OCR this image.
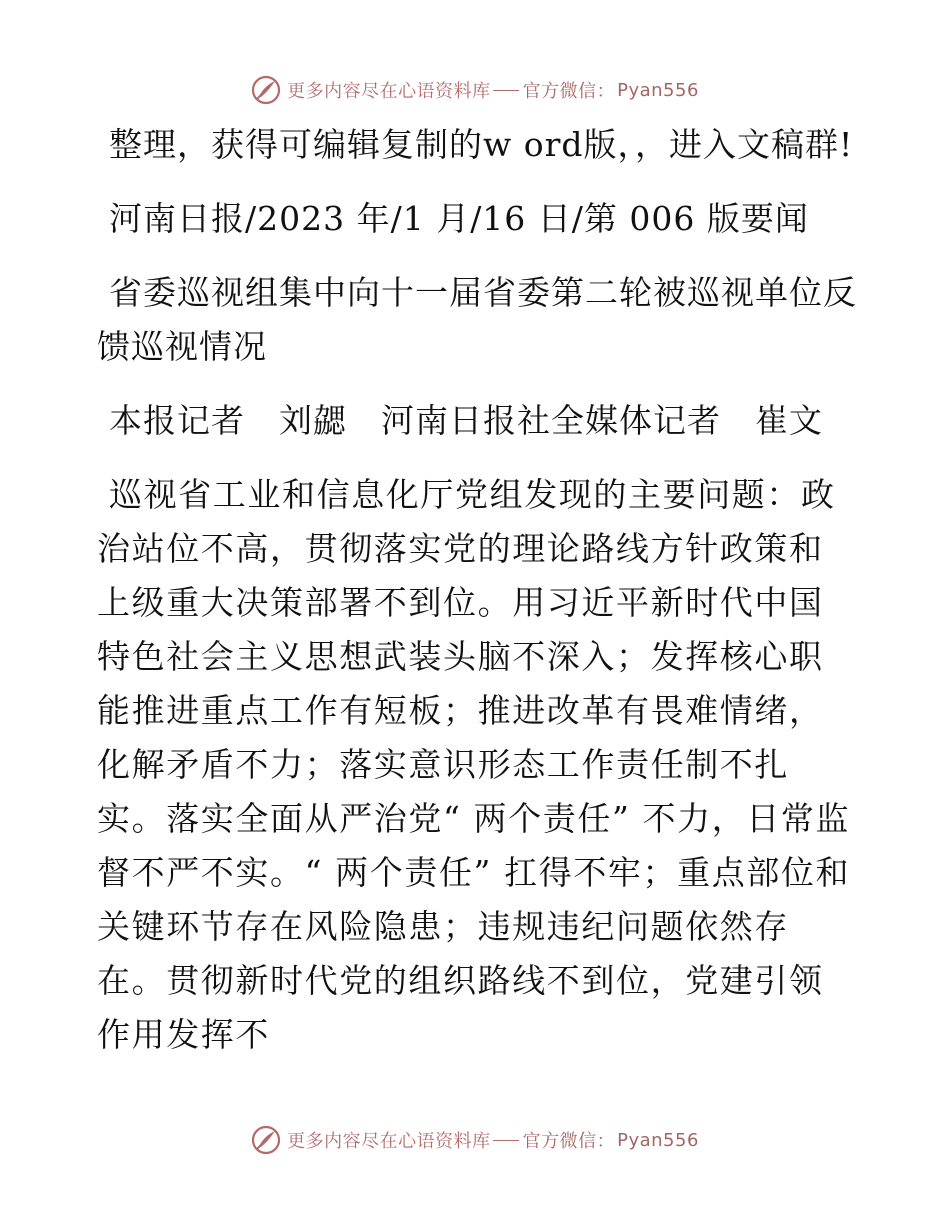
更多内容尽在心语资料库 官方微信： Pyan556

整理，获得可编辑复制的w ord版，，进入文稿群!

河南日报/2023 年/1 月/16 日/第 006 版要闻

省委巡视组集中向十一届省委第二轮被巡视单位反馈巡视情况

本报记者　刘勰　河南日报社全媒体记者　崔文

巡视省工业和信息化厅党组发现的主要问题：政治站位不高，贯彻落实党的理论路线方针政策和上级重大决策部署不到位。用习近平新时代中国特色社会主义思想武装头脑不深入；发挥核心职能推进重点工作有短板；推进改革有畏难情绪，化解矛盾不力；落实意识形态工作责任制不扎实。落实全面从严治党“ 两个责任” 不力，日常监督不严不实。“ 两个责任” 扛得不牢；重点部位和关键环节存在风险隐患；违规违纪问题依然存在。贯彻新时代党的组织路线不到位，党建引领作用发挥不

更多内容尽在心语资料库 官方微信： Pyan556
